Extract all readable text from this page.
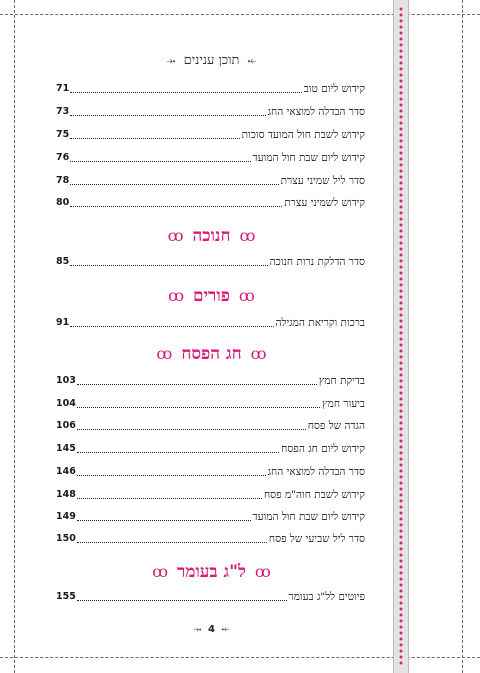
⤝ תוכן ענינים ⤞
קידוש ליום טוב
71
סדר הבדלה למוצאי החג
73
קידוש לשבת חול המועד סוכות
75
קידוש ליום שבת חול המועד
76
סדר ליל שמיני עצרת
78
קידוש לשמיני עצרת
80
ꝏ חנוכה ꝏ
סדר הדלקת נרות חנוכה
85
ꝏ פורים ꝏ
ברכות וקריאת המגילה
91
ꝏ חג הפסח ꝏ
בדיקת חמץ
103
ביעור חמץ
104
הגדה של פסח
106
קידוש ליום חג הפסח
145
סדר הבדלה למוצאי החג
146
קידוש לשבת חוה"מ פסח
148
קידוש ליום שבת חול המועד
149
סדר ליל שביעי של פסח
150
ꝏ ל"ג בעומר ꝏ
פיוטים לל"ג בעומר
155
⤝ 4 ⤞
